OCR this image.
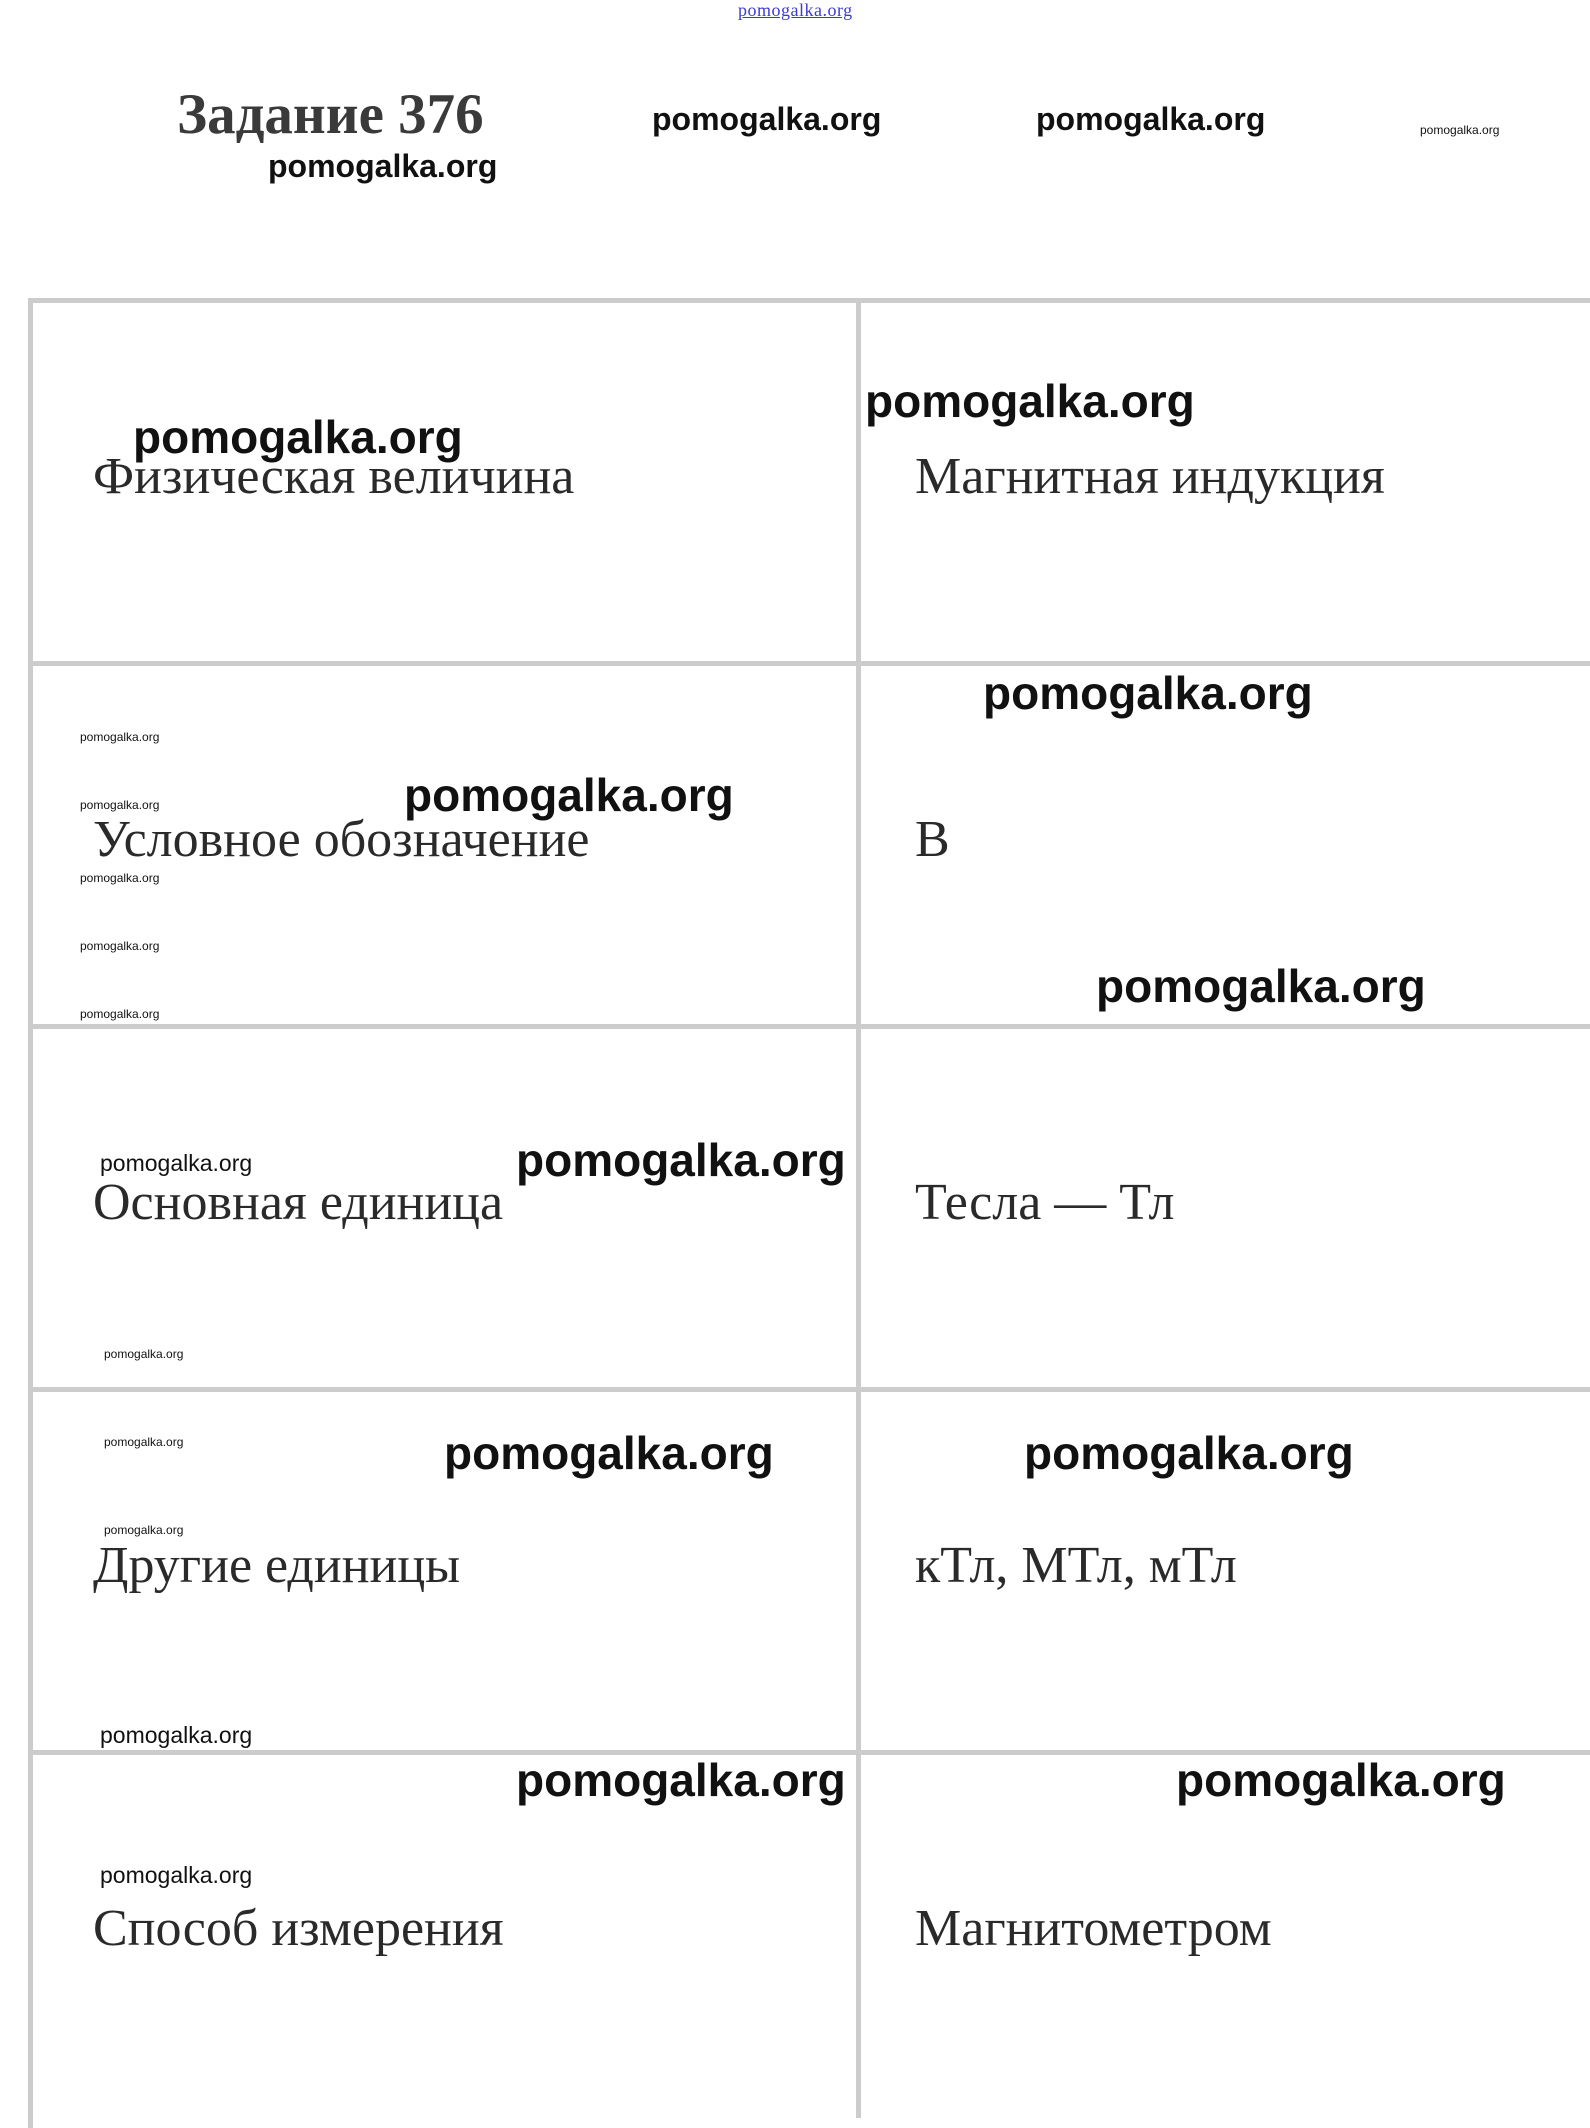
pomogalka.org
Задание 376
pomogalka.org
pomogalka.org	pomogalka.org	pomogalka.org
Физическая величина	Магнитная индукция
Условное обозначение	B
Основная единица	Тесла — Тл
Другие единицы	кТл, МТл, мТл
Способ измерения	Магнитометром
pomogalka.org
pomogalka.org
pomogalka.org
pomogalka.org
pomogalka.org
pomogalka.org
pomogalka.org
pomogalka.org
pomogalka.org
pomogalka.org
pomogalka.org	pomogalka.org
pomogalka.org
pomogalka.org	pomogalka.org	pomogalka.org
pomogalka.org
pomogalka.org
pomogalka.org	pomogalka.org
pomogalka.org
